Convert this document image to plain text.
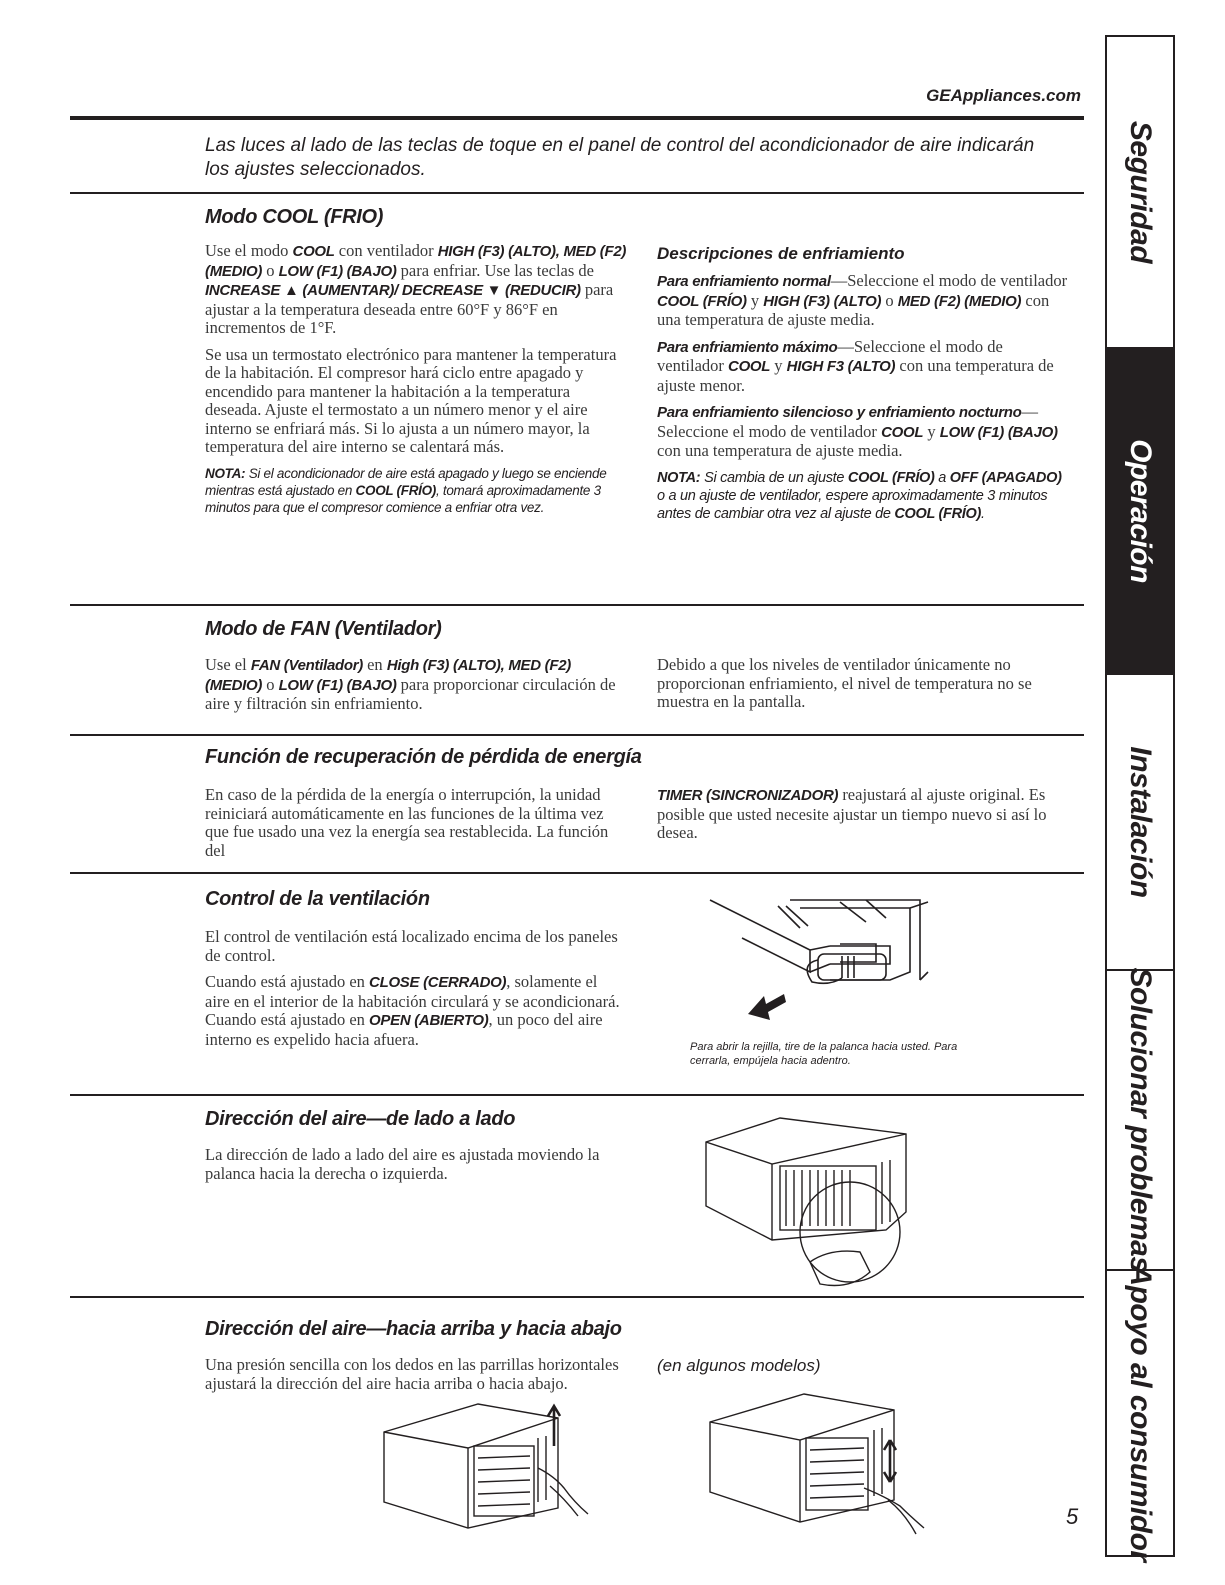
GEAppliances.com
Las luces al lado de las teclas de toque en el panel de control del acondicionador de aire indicarán los ajustes seleccionados.
Modo COOL (FRIO)

Use el modo COOL con ventilador HIGH (F3) (ALTO), MED (F2) (MEDIO) o LOW (F1) (BAJO) para enfriar. Use las teclas de INCREASE ▲ (AUMENTAR)/ DECREASE ▼ (REDUCIR) para ajustar a la temperatura deseada entre 60°F y 86°F en incrementos de 1°F.

Se usa un termostato electrónico para mantener la temperatura de la habitación. El compresor hará ciclo entre apagado y encendido para mantener la habitación a la temperatura deseada. Ajuste el termostato a un número menor y el aire interno se enfriará más. Si lo ajusta a un número mayor, la temperatura del aire interno se calentará más.

NOTA: Si el acondicionador de aire está apagado y luego se enciende mientras está ajustado en COOL (FRÍO), tomará aproximadamente 3 minutos para que el compresor comience a enfriar otra vez.

Descripciones de enfriamiento

Para enfriamiento normal—Seleccione el modo de ventilador COOL (FRÍO) y HIGH (F3) (ALTO) o MED (F2) (MEDIO) con una temperatura de ajuste media.

Para enfriamiento máximo—Seleccione el modo de ventilador COOL y HIGH F3 (ALTO) con una temperatura de ajuste menor.

Para enfriamiento silencioso y enfriamiento nocturno—Seleccione el modo de ventilador COOL y LOW (F1) (BAJO) con una temperatura de ajuste media.

NOTA: Si cambia de un ajuste COOL (FRÍO) a OFF (APAGADO) o a un ajuste de ventilador, espere aproximadamente 3 minutos antes de cambiar otra vez al ajuste de COOL (FRÍO).

Modo de FAN (Ventilador)

Use el FAN (Ventilador) en High (F3) (ALTO), MED (F2) (MEDIO) o LOW (F1) (BAJO) para proporcionar circulación de aire y filtración sin enfriamiento.

Debido a que los niveles de ventilador únicamente no proporcionan enfriamiento, el nivel de temperatura no se muestra en la pantalla.
Función de recuperación de pérdida de energía
En caso de la pérdida de la energía o interrupción, la unidad reiniciará automáticamente en las funciones de la última vez que fue usado una vez la energía sea restablecida. La función del
TIMER (SINCRONIZADOR) reajustará al ajuste original. Es posible que usted necesite ajustar un tiempo nuevo si así lo desea.
Control de la ventilación

El control de ventilación está localizado encima de los paneles de control.

Cuando está ajustado en CLOSE (CERRADO), solamente el aire en el interior de la habitación circulará y se acondicionará. Cuando está ajustado en OPEN (ABIERTO), un poco del aire interno es expelido hacia afuera.	Para abrir la rejilla, tire de la palanca hacia usted. Para cerrarla, empújela hacia adentro.
Dirección del aire—de lado a lado
La dirección de lado a lado del aire es ajustada moviendo la palanca hacia la derecha o izquierda.
Dirección del aire—hacia arriba y hacia abajo
Una presión sencilla con los dedos en las parrillas horizontales ajustará la dirección del aire hacia arriba o hacia abajo.
(en algunos modelos)
5
Seguridad
Operación
Instalación
Solucionar problemas
Apoyo al consumidor
